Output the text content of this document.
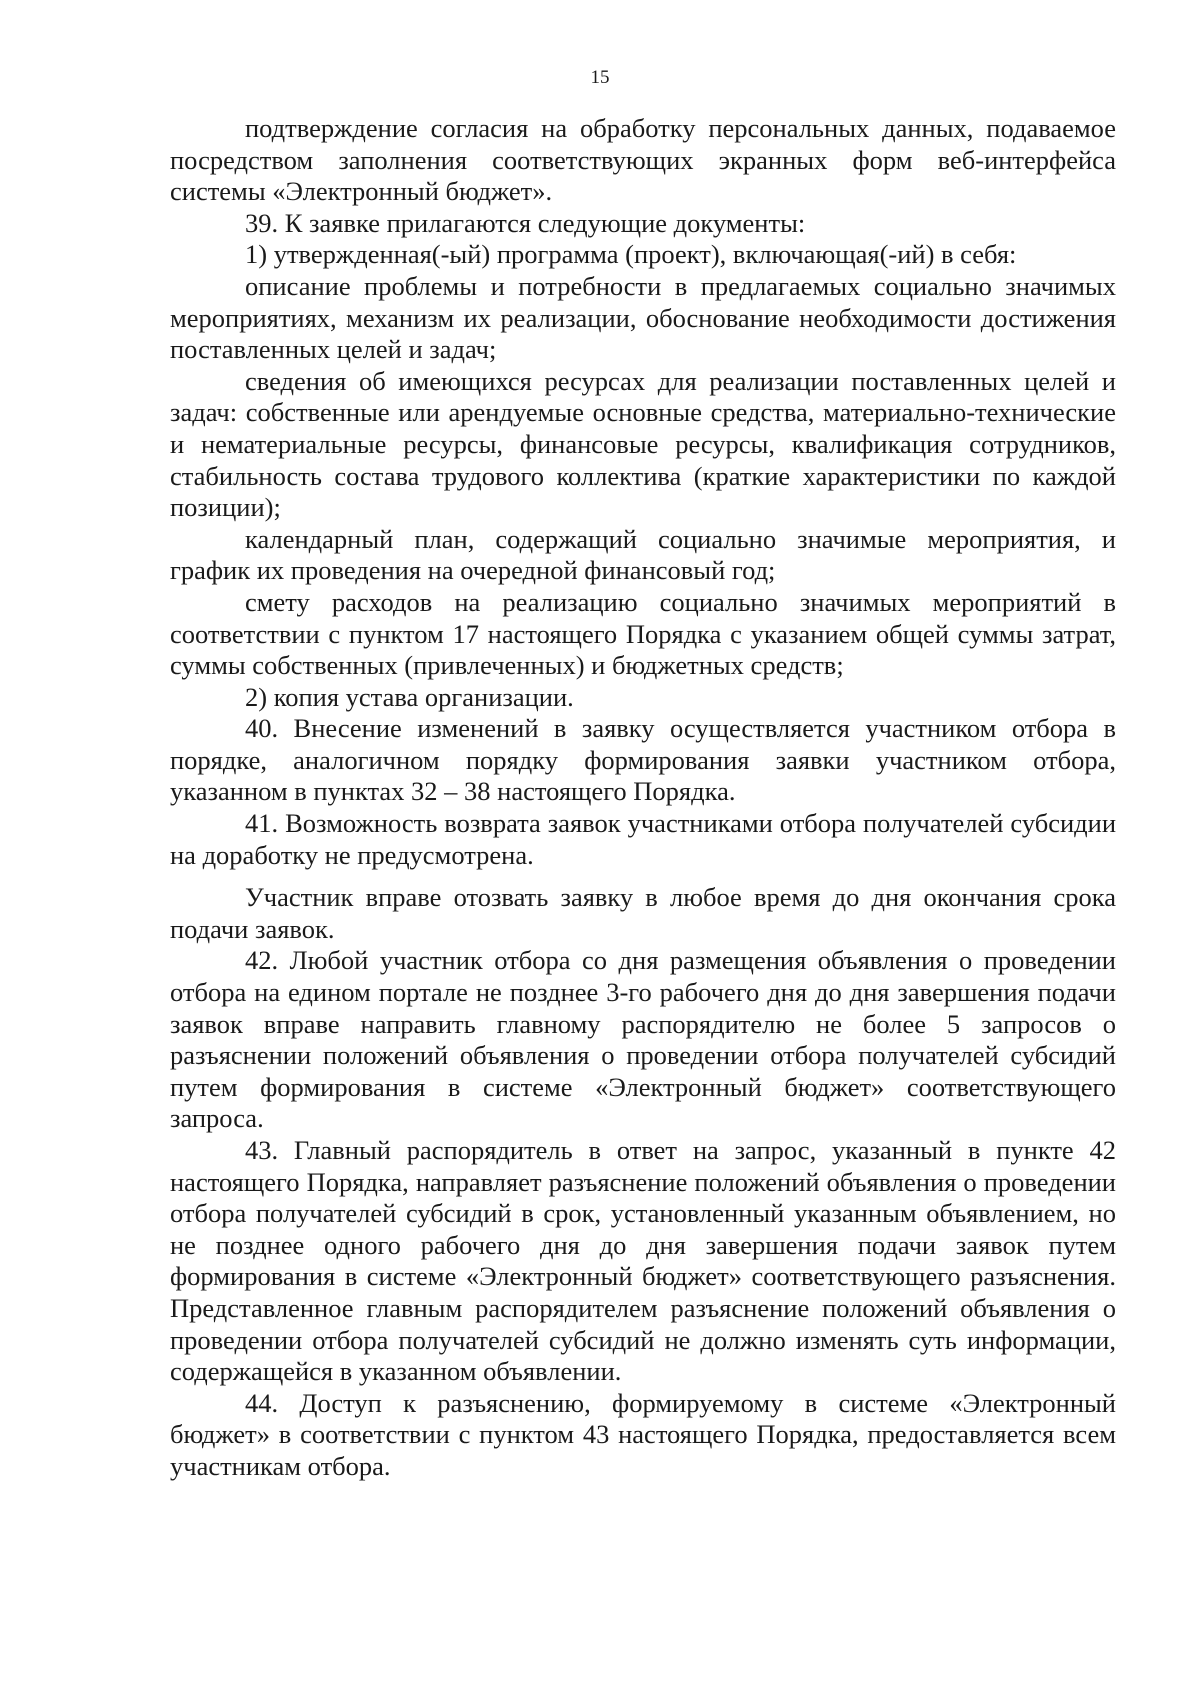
15

подтверждение согласия на обработку персональных данных, подаваемое посредством заполнения соответствующих экранных форм веб-интерфейса системы «Электронный бюджет».

39. К заявке прилагаются следующие документы:

1) утвержденная(-ый) программа (проект), включающая(-ий) в себя:

описание проблемы и потребности в предлагаемых социально значимых мероприятиях, механизм их реализации, обоснование необходимости достижения поставленных целей и задач;

сведения об имеющихся ресурсах для реализации поставленных целей и задач: собственные или арендуемые основные средства, материально-технические и нематериальные ресурсы, финансовые ресурсы, квалификация сотрудников, стабильность состава трудового коллектива (краткие характеристики по каждой позиции);

календарный план, содержащий социально значимые мероприятия, и график их проведения на очередной финансовый год;

смету расходов на реализацию социально значимых мероприятий в соответствии с пунктом 17 настоящего Порядка с указанием общей суммы затрат, суммы собственных (привлеченных) и бюджетных средств;

2) копия устава организации.

40. Внесение изменений в заявку осуществляется участником отбора в порядке, аналогичном порядку формирования заявки участником отбора, указанном в пунктах 32 – 38 настоящего Порядка.

41. Возможность возврата заявок участниками отбора получателей субсидии на доработку не предусмотрена.

Участник вправе отозвать заявку в любое время до дня окончания срока подачи заявок.

42. Любой участник отбора со дня размещения объявления о проведении отбора на едином портале не позднее 3-го рабочего дня до дня завершения подачи заявок вправе направить главному распорядителю не более 5 запросов о разъяснении положений объявления о проведении отбора получателей субсидий путем формирования в системе «Электронный бюджет» соответствующего запроса.

43. Главный распорядитель в ответ на запрос, указанный в пункте 42 настоящего Порядка, направляет разъяснение положений объявления о проведении отбора получателей субсидий в срок, установленный указанным объявлением, но не позднее одного рабочего дня до дня завершения подачи заявок путем формирования в системе «Электронный бюджет» соответствующего разъяснения. Представленное главным распорядителем разъяснение положений объявления о проведении отбора получателей субсидий не должно изменять суть информации, содержащейся в указанном объявлении.

44. Доступ к разъяснению, формируемому в системе «Электронный бюджет» в соответствии с пунктом 43 настоящего Порядка, предоставляется всем участникам отбора.
